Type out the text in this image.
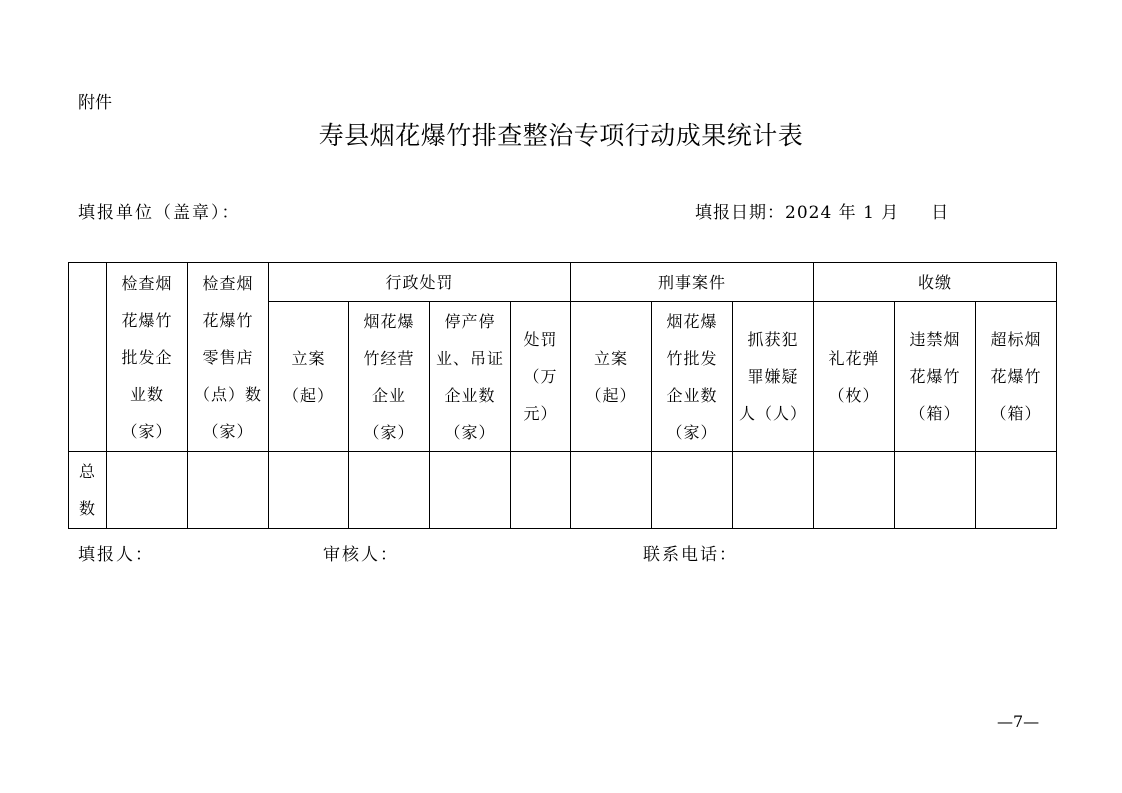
附件
寿县烟花爆竹排查整治专项行动成果统计表
填报单位（盖章）：	填报日期：2024 年 1 月     日

	检查烟
花爆竹
批发企
业数
（家）	检查烟
花爆竹
零售店
（点）数
（家）	行政处罚				刑事案件			收缴		

			立案
（起）	烟花爆
竹经营
企业
（家）	停产停
业、吊证
企业数
（家）	处罚
（万
元）	立案
（起）	烟花爆
竹批发
企业数
（家）	抓获犯
罪嫌疑
人（人）	礼花弹
（枚）	违禁烟
花爆竹
（箱）	超标烟
花爆竹
（箱）

总
数												

填报人：	审核人：	联系电话：
—7—
